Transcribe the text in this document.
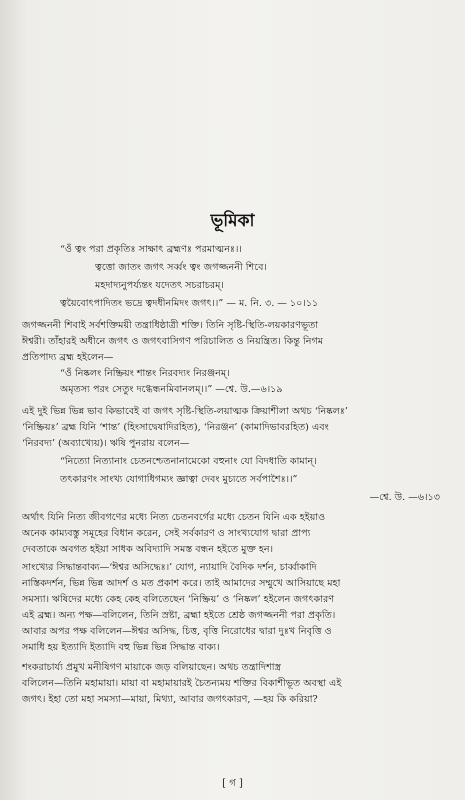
ভূমিকা
“ওঁ ত্বং পরা প্রকৃতিঃ সাক্ষাৎ ব্রহ্মণঃ পরমাত্মনঃ।।
ত্বত্তো জাতং জগৎ সর্ব্বং ত্বং জগজ্জননী শিবে।
মহদাদ্যনুপর্য্যন্তং যদেতৎ সচরাচরম্।
ত্বয়ৈবোৎপাদিতং ভদ্রে ত্বদধীনমিদং জগৎ।।” — ম. নি. ৩. — ১০।১১
জগজ্জননী শিবাই সর্বশক্তিময়ী তন্ত্রাধিষ্ঠাত্রী শক্তি। তিনি সৃষ্টি-স্থিতি-লয়কারণভূতা
ঈশ্বরী। তাঁহারই অধীনে জগৎ ও জগৎবাসিগণ পরিচালিত ও নিয়ন্ত্রিত। কিন্তু নিগম
প্রতিপাদ্য ব্রহ্ম হইলেন—
“ওঁ নিষ্কলং নিষ্ক্রিয়ং শান্তং নিরবদ্যং নিরঞ্জনম্।
অমৃতস্য পরং সেতুং দগ্ধেন্ধনমিবানলম্।।” —শ্বে. উ.—৬।১৯
এই দুই ভিন্ন ভিন্ন ভাব কিভাবেই বা জগৎ সৃষ্টি-স্থিতি-লয়াত্মক ক্রিয়াশীলা অথচ ‘নিষ্কলঃ’
‘নিষ্ক্রিয়ঃ’ ব্রহ্ম যিনি ‘শান্ত’ (হিংসাদ্বেষাদিরহিত), ‘নিরঞ্জন’ (কামাদিভাবরহিত) এবং
‘নিরবদ্য’ (অব্যাখ্যেয়)। ঋষি পুনরায় বলেন—
“নিত্যো নিত্যানাং চেতনশ্চেতনানামেকো বহুনাং যো বিদধাতি কামান্।
তৎকারণং সাংখ্য যোগাধিগম্যং জ্ঞাত্বা দেবং মুচ্যতে সর্বপাশৈঃ।।”
—শ্বে. উ. —৬।১৩
অর্থাৎ যিনি নিত্য জীবগণের মধ্যে নিত্য চেতনবর্গের মধ্যে চেতন যিনি এক হইয়াও
অনেক কাম্যবস্তু সমূহের বিধান করেন, সেই সর্বকারণ ও সাংখ্যযোগ দ্বারা প্রাপ্য
দেবতাকে অবগত হইয়া সাধক অবিদ্যাদি সমস্ত বন্ধন হইতে মুক্ত হন।
সাংখ্যের সিদ্ধান্তবাক্য—‘ঈশ্বর অসিদ্ধেঃ।’ যোগ, ন্যায়াদি বৈদিক দর্শন, চার্ব্বাকাদি
নাস্তিকদর্শন, ভিন্ন ভিন্ন আদর্শ ও মত প্রকাশ করে। তাই আমাদের সম্মুখে আসিয়াছে মহা
সমস্যা। ঋষিদের মধ্যে কেহ কেহ বলিতেছেন ‘নিষ্ক্রিয়’ ও ‘নিষ্কল’ হইলেন জগৎকারণ
এই ব্রহ্ম। অন্য পক্ষ—বলিলেন, তিনি স্রষ্টা, ব্রহ্মা হইতে শ্রেষ্ঠ জগজ্জননী পরা প্রকৃতি।
আবার অপর পক্ষ বলিলেন—ঈশ্বর অসিদ্ধ, চিত্ত, বৃত্তি নিরোধের দ্বারা দুঃখ নিবৃত্তি ও
সমাধি হয় ইত্যাদি ইত্যাদি বহু ভিন্ন ভিন্ন সিদ্ধান্ত বাক্য।
শংকরাচার্য্য প্রমুখ মনীষিগণ মায়াকে জড় বলিয়াছেন। অথচ তন্ত্রাদিশাস্ত্র
বলিলেন—তিনি মহামায়া। মায়া বা মহামায়ারই চৈতন্যময় শক্তির বিকাশীভূত অবস্থা এই
জগৎ। ইহা তো মহা সমস্যা—মায়া, মিথ্যা, আবার জগৎকারণ, —হয় কি করিয়া?
[ গ ]
